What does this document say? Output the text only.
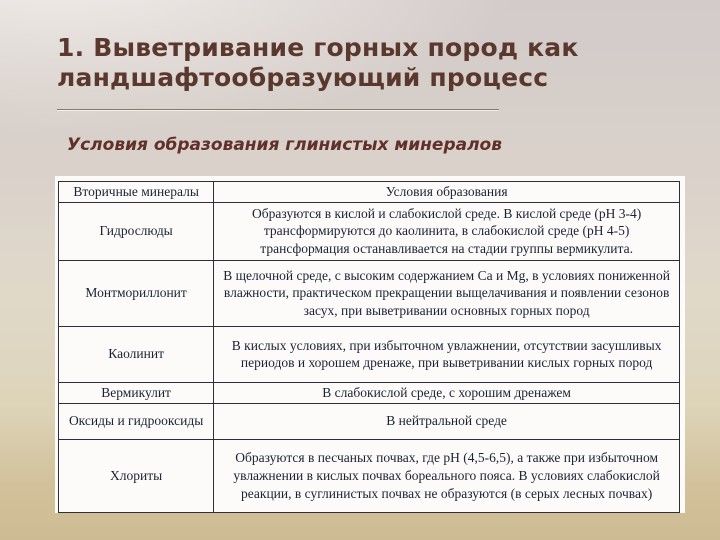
1. Выветривание горных пород как ландшафтообразующий процесс
Условия образования глинистых минералов
Вторичные минералы	Условия образования
Гидрослюды	Образуются в кислой и слабокислой среде. В кислой среде (pH 3-4) трансформируются до каолинита, в слабокислой среде (pH 4-5) трансформация останавливается на стадии группы вермикулита.
Монтмориллонит	В щелочной среде, с высоким содержанием Ca и Mg, в условиях пониженной влажности, практическом прекращении выщелачивания и появлении сезонов засух, при выветривании основных горных пород
Каолинит	В кислых условиях, при избыточном увлажнении, отсутствии засушливых периодов и хорошем дренаже, при выветривании кислых горных пород
Вермикулит	В слабокислой среде, с хорошим дренажем
Оксиды и гидрооксиды	В нейтральной среде
Хлориты	Образуются в песчаных почвах, где pH (4,5-6,5), а также при избыточном увлажнении в кислых почвах бореального пояса. В условиях слабокислой реакции, в суглинистых почвах не образуются (в серых лесных почвах)
